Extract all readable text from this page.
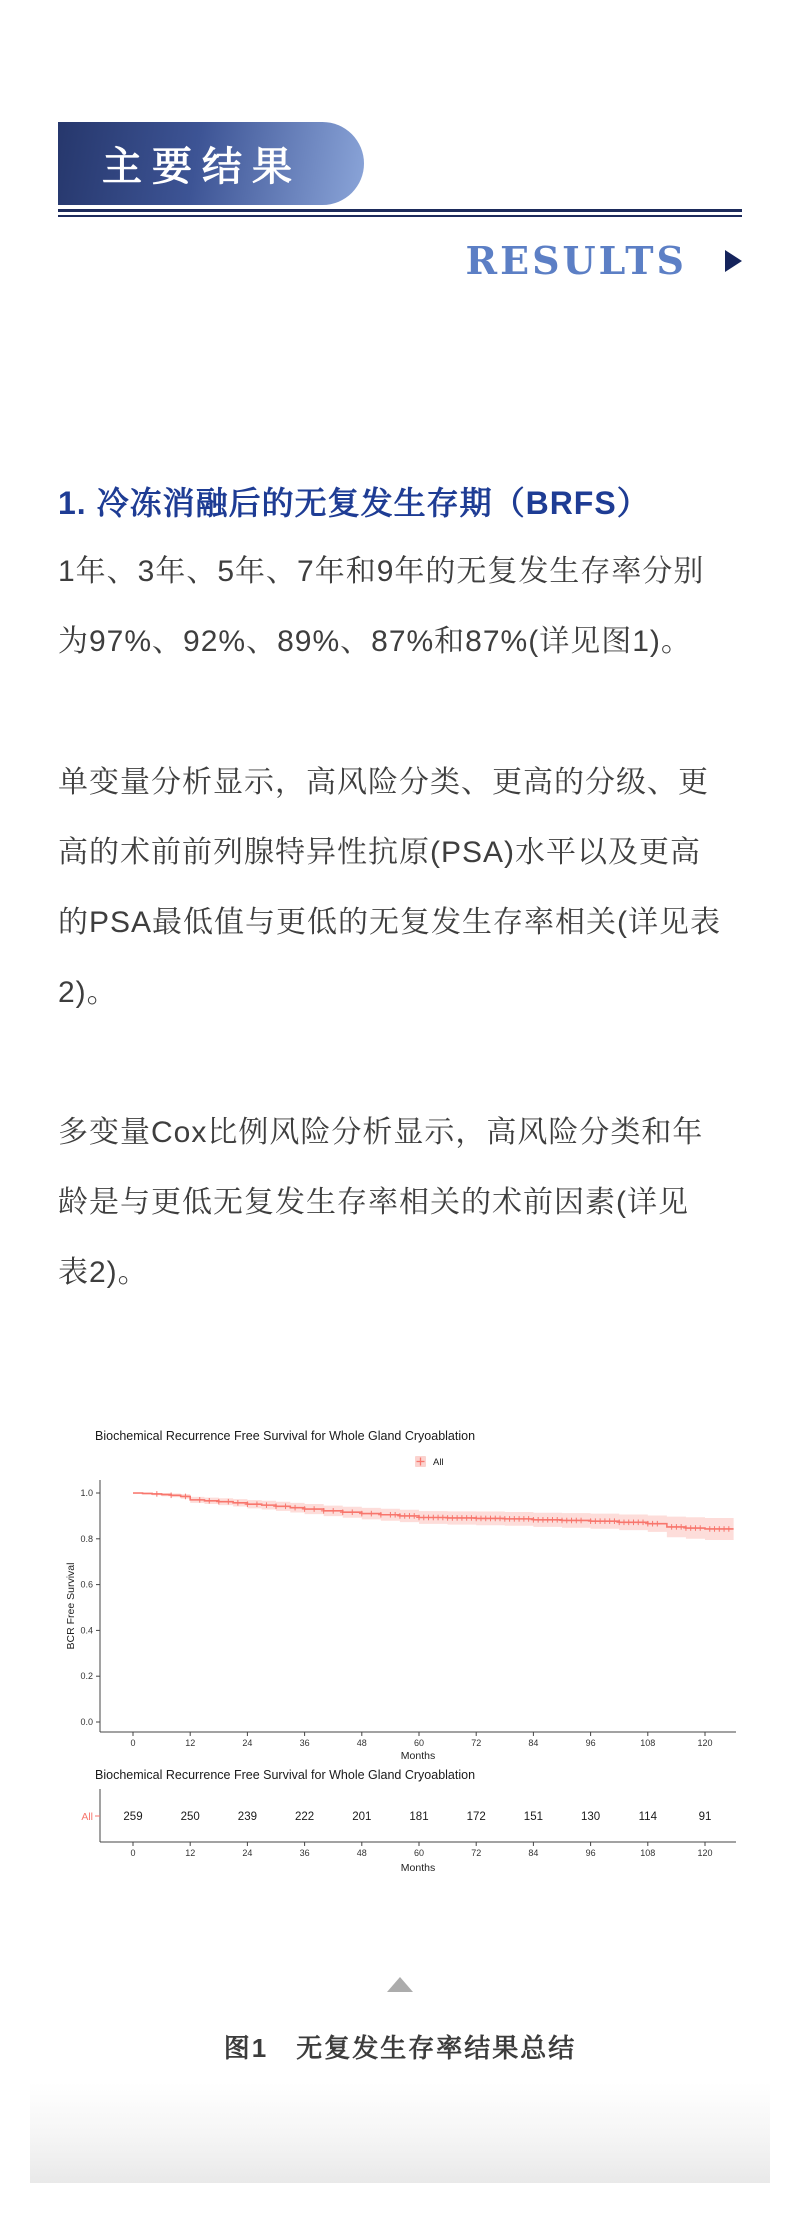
主要结果
RESULTS
1. 冷冻消融后的无复发生存期（BRFS）
1年、3年、5年、7年和9年的无复发生存率分别
为97%、92%、89%、87%和87%(详见图1)。
单变量分析显示，高风险分类、更高的分级、更
高的术前前列腺特异性抗原(PSA)水平以及更高
的PSA最低值与更低的无复发生存率相关(详见表
2)。
多变量Cox比例风险分析显示，高风险分类和年
龄是与更低无复发生存率相关的术前因素(详见
表2)。
Biochemical Recurrence Free Survival for Whole Gland Cryoablation
All
1.0
0.8
0.6
0.4
0.2
0.0
0	12	24	36	48	60	72	84	96	108	120
Months
BCR Free Survival
Biochemical Recurrence Free Survival for Whole Gland Cryoablation
All	259	250	239	222	201	181	172	151	130	114	91
0	12	24	36	48	60	72	84	96	108	120
Months
图1　无复发生存率结果总结
